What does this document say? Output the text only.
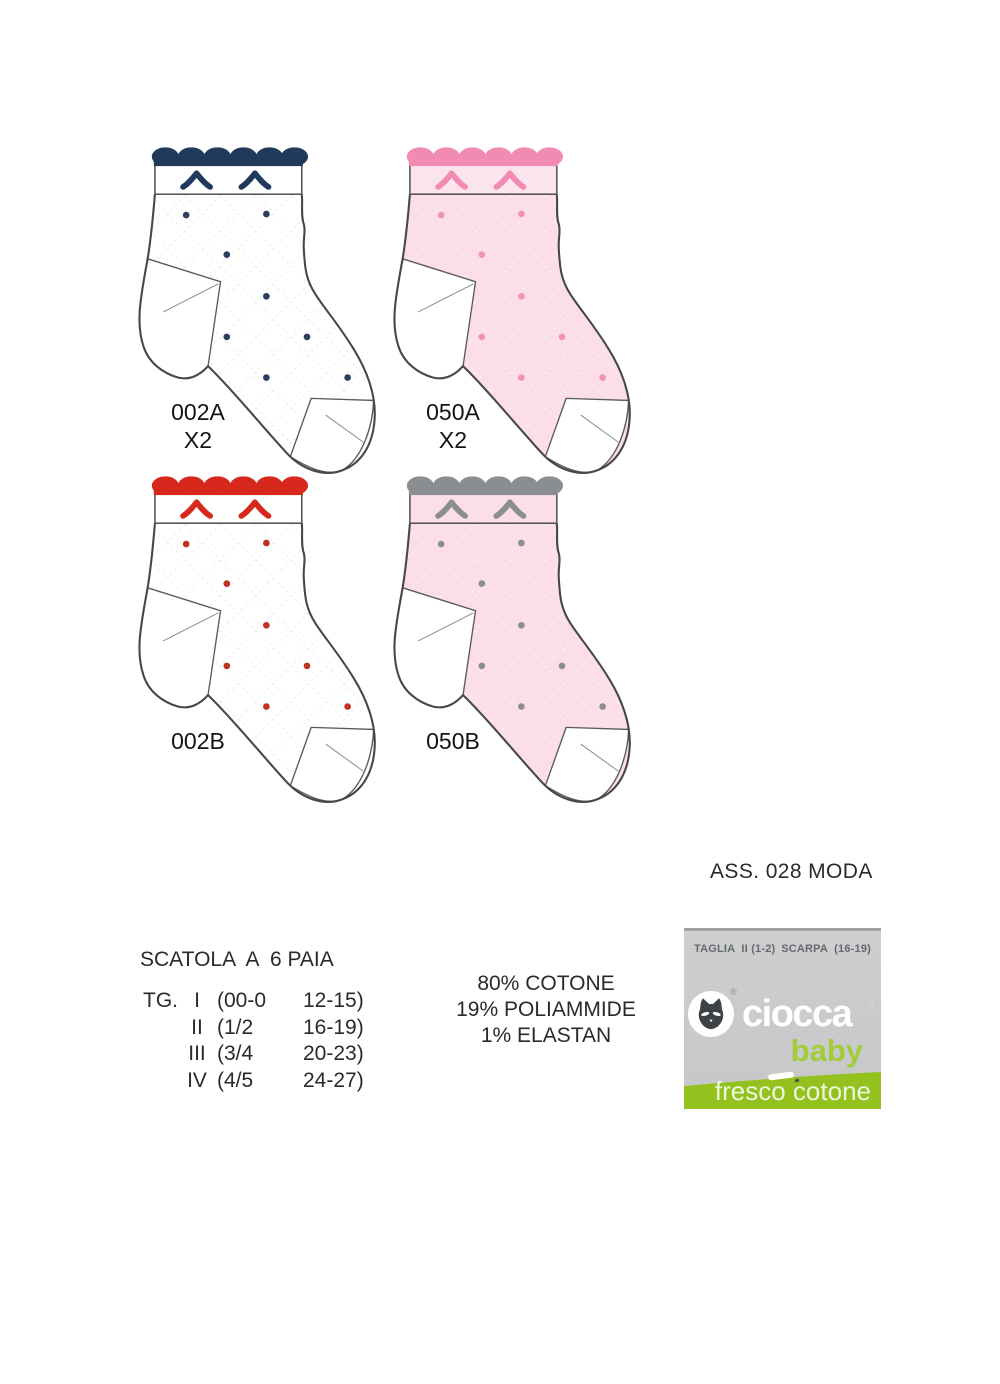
002A
X2
050A
X2
002B	050B
ASS. 028 MODA
SCATOLA  A  6 PAIA
TG. I (00-0	12-15)
II (1/2	16-19)
III (3/4	20-23)
IV (4/5	24-27)
80% COTONE
19% POLIAMMIDE
1% ELASTAN
TAGLIA  II (1-2) SCARPA  (16-19)
®
ciocca ®
baby
fresco cotone
